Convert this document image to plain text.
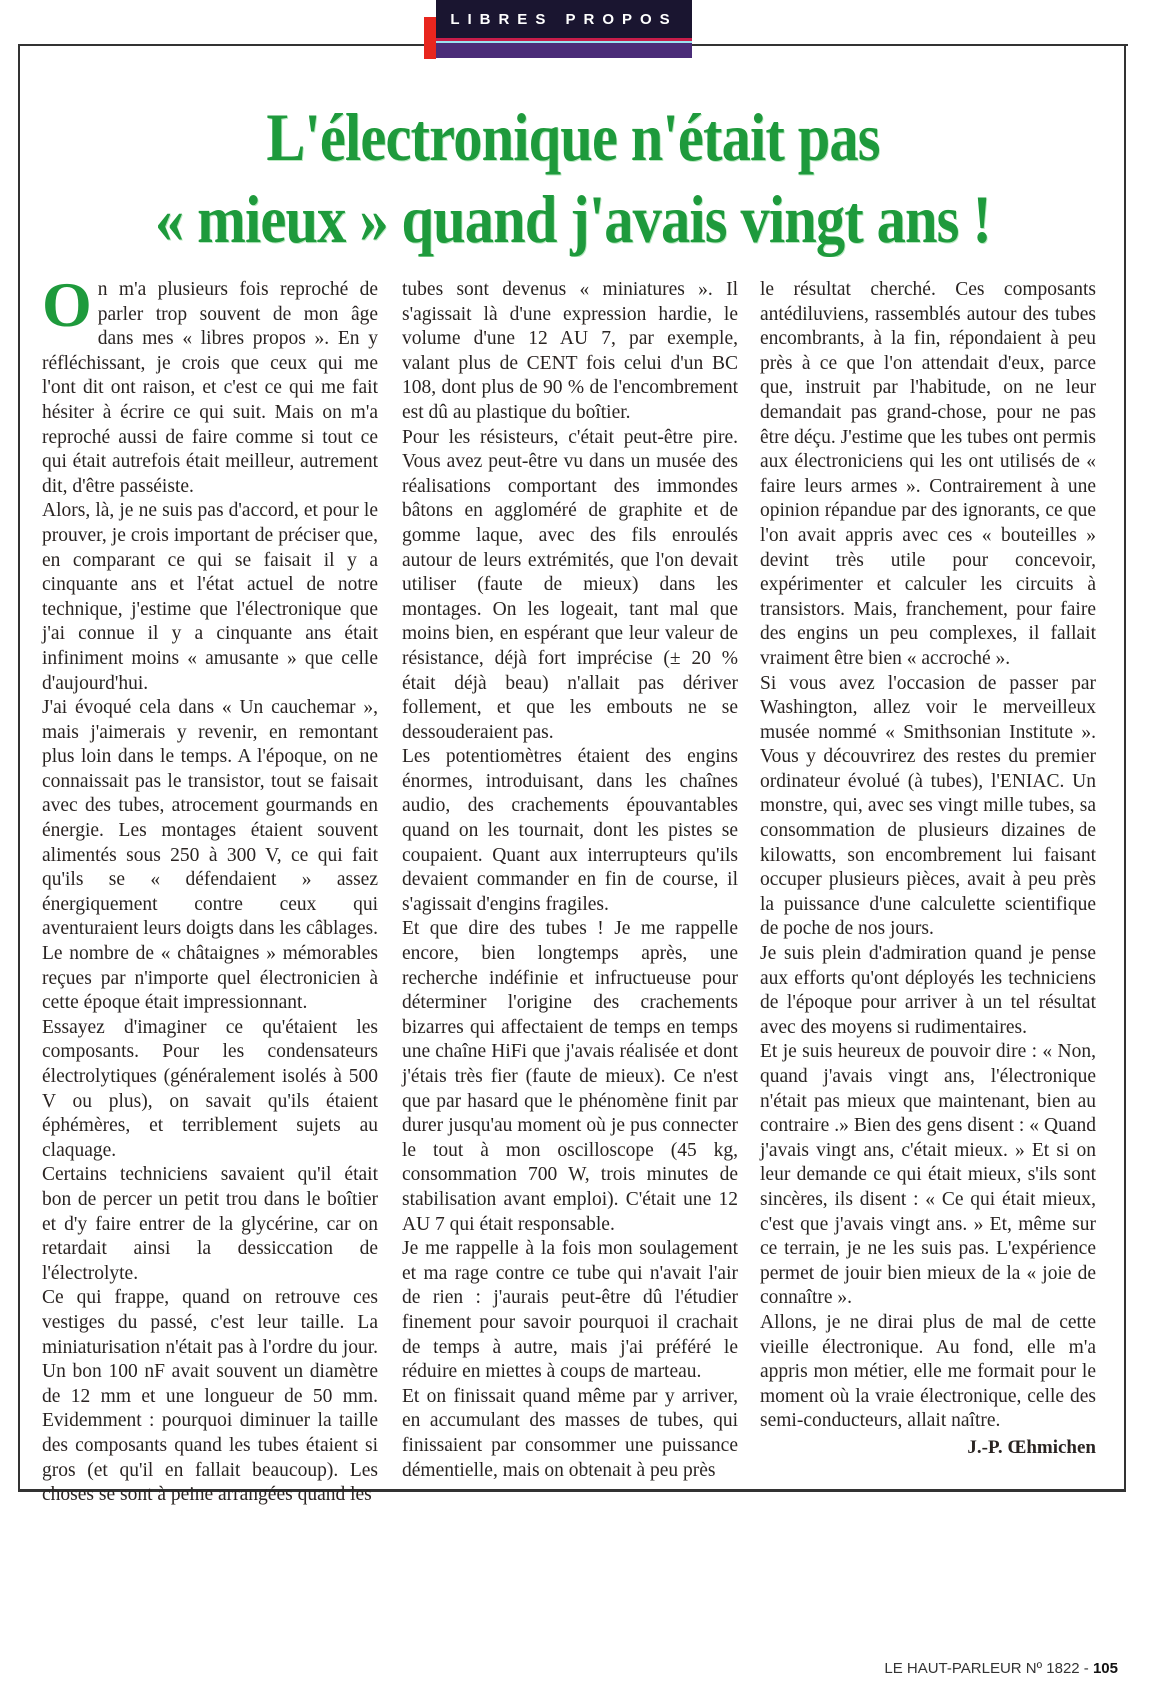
LIBRES PROPOS
L'électronique n'était pas
« mieux » quand j'avais vingt ans !

On m'a plusieurs fois reproché de parler trop souvent de mon âge dans mes « libres propos ». En y réfléchissant, je crois que ceux qui me l'ont dit ont raison, et c'est ce qui me fait hésiter à écrire ce qui suit. Mais on m'a reproché aussi de faire comme si tout ce qui était autrefois était meilleur, autrement dit, d'être passéiste.

Alors, là, je ne suis pas d'accord, et pour le prouver, je crois important de préciser que, en comparant ce qui se faisait il y a cinquante ans et l'état actuel de notre technique, j'estime que l'électronique que j'ai connue il y a cinquante ans était infiniment moins « amusante » que celle d'aujourd'hui.

J'ai évoqué cela dans « Un cauchemar », mais j'aimerais y revenir, en remontant plus loin dans le temps. A l'époque, on ne connaissait pas le transistor, tout se faisait avec des tubes, atrocement gourmands en énergie. Les montages étaient souvent alimentés sous 250 à 300 V, ce qui fait qu'ils se « défendaient » assez énergiquement contre ceux qui aventuraient leurs doigts dans les câblages. Le nombre de « châtaignes » mémorables reçues par n'importe quel électronicien à cette époque était impressionnant.

Essayez d'imaginer ce qu'étaient les composants. Pour les condensateurs électrolytiques (généralement isolés à 500 V ou plus), on savait qu'ils étaient éphémères, et terriblement sujets au claquage.

Certains techniciens savaient qu'il était bon de percer un petit trou dans le boîtier et d'y faire entrer de la glycérine, car on retardait ainsi la dessiccation de l'électrolyte.

Ce qui frappe, quand on retrouve ces vestiges du passé, c'est leur taille. La miniaturisation n'était pas à l'ordre du jour. Un bon 100 nF avait souvent un diamètre de 12 mm et une longueur de 50 mm. Evidemment : pourquoi diminuer la taille des composants quand les tubes étaient si gros (et qu'il en fallait beaucoup). Les choses se sont à peine arrangées quand les

tubes sont devenus « miniatures ». Il s'agissait là d'une expression hardie, le volume d'une 12 AU 7, par exemple, valant plus de CENT fois celui d'un BC 108, dont plus de 90 % de l'encombrement est dû au plastique du boîtier.

Pour les résisteurs, c'était peut-être pire. Vous avez peut-être vu dans un musée des réalisations comportant des immondes bâtons en aggloméré de graphite et de gomme laque, avec des fils enroulés autour de leurs extrémités, que l'on devait utiliser (faute de mieux) dans les montages. On les logeait, tant mal que moins bien, en espérant que leur valeur de résistance, déjà fort imprécise (± 20 % était déjà beau) n'allait pas dériver follement, et que les embouts ne se dessouderaient pas.

Les potentiomètres étaient des engins énormes, introduisant, dans les chaînes audio, des crachements épouvantables quand on les tournait, dont les pistes se coupaient. Quant aux interrupteurs qu'ils devaient commander en fin de course, il s'agissait d'engins fragiles.

Et que dire des tubes ! Je me rappelle encore, bien longtemps après, une recherche indéfinie et infructueuse pour déterminer l'origine des crachements bizarres qui affectaient de temps en temps une chaîne HiFi que j'avais réalisée et dont j'étais très fier (faute de mieux). Ce n'est que par hasard que le phénomène finit par durer jusqu'au moment où je pus connecter le tout à mon oscilloscope (45 kg, consommation 700 W, trois minutes de stabilisation avant emploi). C'était une 12 AU 7 qui était responsable.

Je me rappelle à la fois mon soulagement et ma rage contre ce tube qui n'avait l'air de rien : j'aurais peut-être dû l'étudier finement pour savoir pourquoi il crachait de temps à autre, mais j'ai préféré le réduire en miettes à coups de marteau.

Et on finissait quand même par y arriver, en accumulant des masses de tubes, qui finissaient par consommer une puissance démentielle, mais on obtenait à peu près

le résultat cherché. Ces composants antédiluviens, rassemblés autour des tubes encombrants, à la fin, répondaient à peu près à ce que l'on attendait d'eux, parce que, instruit par l'habitude, on ne leur demandait pas grand-chose, pour ne pas être déçu. J'estime que les tubes ont permis aux électroniciens qui les ont utilisés de « faire leurs armes ». Contrairement à une opinion répandue par des ignorants, ce que l'on avait appris avec ces « bouteilles » devint très utile pour concevoir, expérimenter et calculer les circuits à transistors. Mais, franchement, pour faire des engins un peu complexes, il fallait vraiment être bien « accroché ».

Si vous avez l'occasion de passer par Washington, allez voir le merveilleux musée nommé « Smithsonian Institute ». Vous y découvrirez des restes du premier ordinateur évolué (à tubes), l'ENIAC. Un monstre, qui, avec ses vingt mille tubes, sa consommation de plusieurs dizaines de kilowatts, son encombrement lui faisant occuper plusieurs pièces, avait à peu près la puissance d'une calculette scientifique de poche de nos jours.

Je suis plein d'admiration quand je pense aux efforts qu'ont déployés les techniciens de l'époque pour arriver à un tel résultat avec des moyens si rudimentaires.

Et je suis heureux de pouvoir dire : « Non, quand j'avais vingt ans, l'électronique n'était pas mieux que maintenant, bien au contraire .» Bien des gens disent : « Quand j'avais vingt ans, c'était mieux. » Et si on leur demande ce qui était mieux, s'ils sont sincères, ils disent : « Ce qui était mieux, c'est que j'avais vingt ans. » Et, même sur ce terrain, je ne les suis pas. L'expérience permet de jouir bien mieux de la « joie de connaître ».

Allons, je ne dirai plus de mal de cette vieille électronique. Au fond, elle m'a appris mon métier, elle me formait pour le moment où la vraie électronique, celle des semi-conducteurs, allait naître.

J.-P. Œhmichen
LE HAUT-PARLEUR Nº 1822 - 105
